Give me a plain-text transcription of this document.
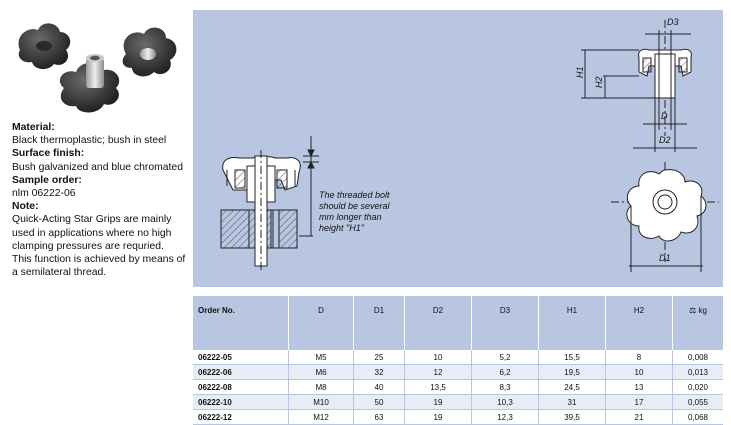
Material:
Black thermoplastic; bush in steel
Surface finish:
Bush galvanized and blue chromated
Sample order:
nlm 06222-06
Note:
Quick-Acting Star Grips are mainly
used in applications where no high
clamping pressures are requried.
This function is achieved by means of
a semilateral thread.
The threaded bolt
should be several
mm longer than
height "H1"
D3
H1
H2
D
D2
D1
Order No.	D	D1	D2	D3	H1	H2	⚖ kg
06222-05	M5	25	10	5,2	15,5	8	0,008
06222-06	M6	32	12	6,2	19,5	10	0,013
06222-08	M8	40	13,5	8,3	24,5	13	0,020
06222-10	M10	50	19	10,3	31	17	0,055
06222-12	M12	63	19	12,3	39,5	21	0,068
